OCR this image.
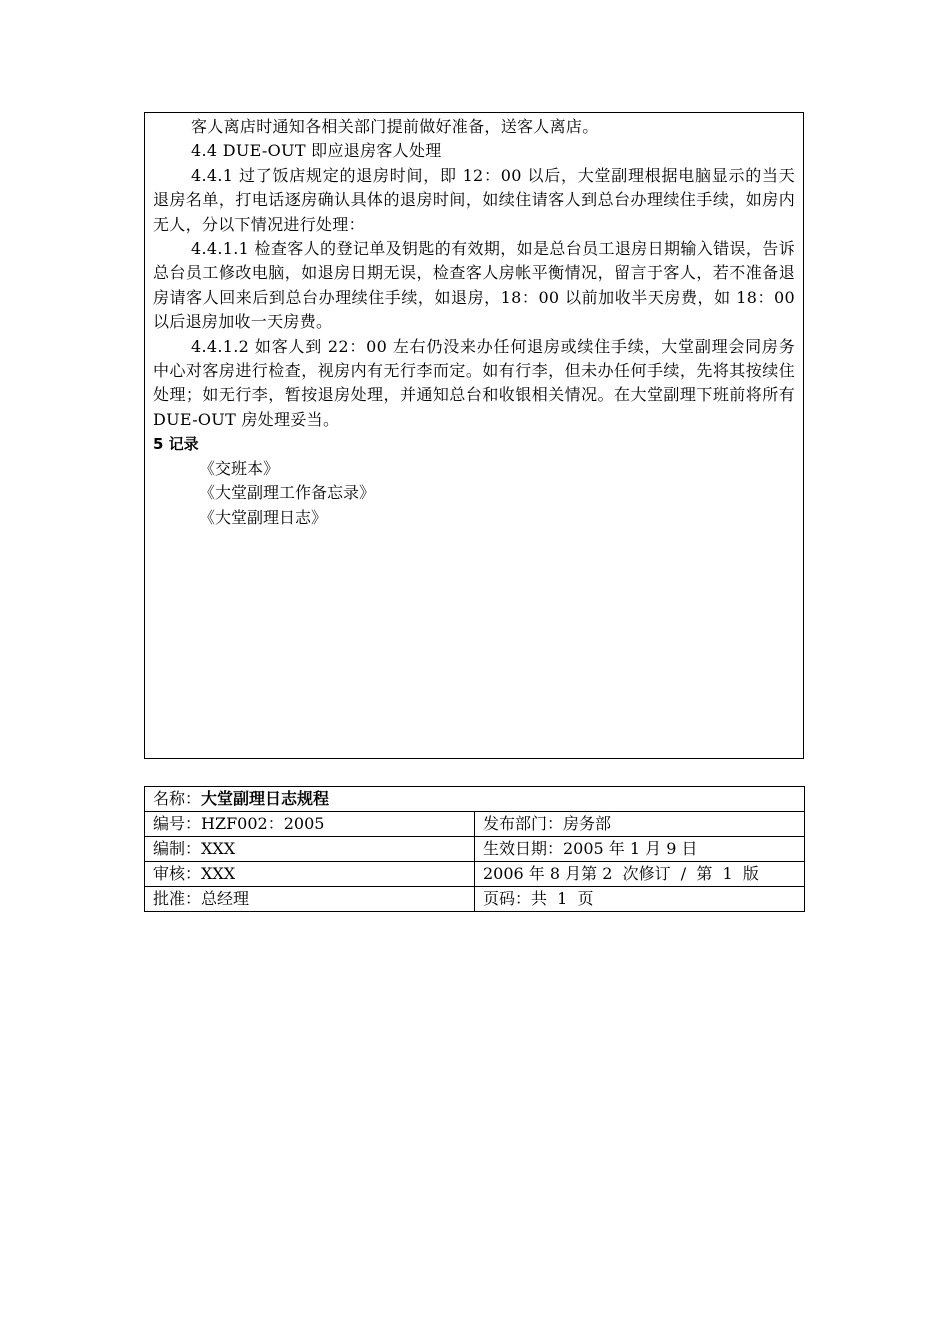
客人离店时通知各相关部门提前做好准备，送客人离店。

4.4 DUE-OUT 即应退房客人处理

4.4.1 过了饭店规定的退房时间，即 12：00 以后，大堂副理根据电脑显示的当天退房名单，打电话逐房确认具体的退房时间，如续住请客人到总台办理续住手续，如房内无人，分以下情况进行处理：

4.4.1.1 检查客人的登记单及钥匙的有效期，如是总台员工退房日期输入错误，告诉总台员工修改电脑，如退房日期无误，检查客人房帐平衡情况，留言于客人，若不准备退房请客人回来后到总台办理续住手续，如退房，18：00 以前加收半天房费，如 18：00 以后退房加收一天房费。

4.4.1.2 如客人到 22：00 左右仍没来办任何退房或续住手续，大堂副理会同房务中心对客房进行检查，视房内有无行李而定。如有行李，但未办任何手续，先将其按续住处理；如无行李，暂按退房处理，并通知总台和收银相关情况。在大堂副理下班前将所有 DUE-OUT 房处理妥当。

5 记录

《交班本》

《大堂副理工作备忘录》

《大堂副理日志》

名称：大堂副理日志规程	
编号：HZF002：2005	发布部门：房务部
编制：XXX	生效日期：2005 年 1 月 9 日
审核：XXX	2006 年 8 月第 2  次修订  /  第  1  版
批准：总经理	页码：共  1  页
